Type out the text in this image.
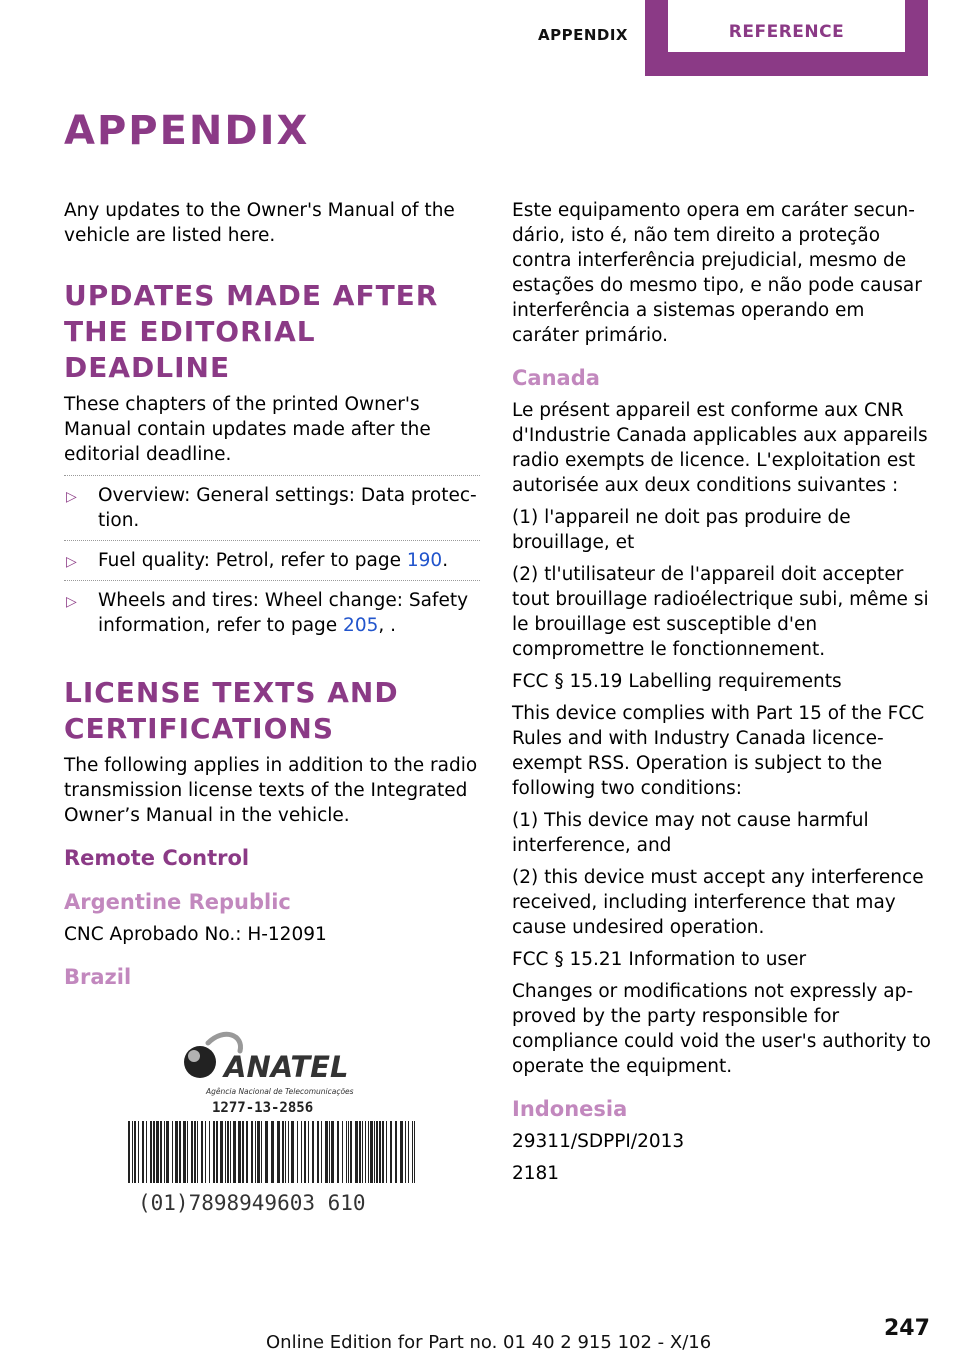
APPENDIX	REFERENCE
APPENDIX

Any updates to the Owner's Manual of the vehicle are listed here.

UPDATES MADE AFTER THE EDITORIAL DEADLINE

These chapters of the printed Owner's Manual contain updates made after the editorial deadline.

▷ Overview: General settings: Data protection.
▷ Fuel quality: Petrol, refer to page 190.
▷ Wheels and tires: Wheel change: Safety information, refer to page 205, .
LICENSE TEXTS AND CERTIFICATIONS

The following applies in addition to the radio transmission license texts of the Integrated Owner’s Manual in the vehicle.

Remote Control
Argentine Republic

CNC Aprobado No.: H-12091

Brazil
ANATEL
Agência Nacional de Telecomunicações
1277-13-2856
(01)7898949603 610

Este equipamento opera em caráter secundário, isto é, não tem direito a proteção contra interferência prejudicial, mesmo de estações do mesmo tipo, e não pode causar interferência a sistemas operando em caráter primário.

Canada

Le présent appareil est conforme aux CNR d'Industrie Canada applicables aux appareils radio exempts de licence. L'exploitation est autorisée aux deux conditions suivantes :

(1) l'appareil ne doit pas produire de brouillage, et

(2) tl'utilisateur de l'appareil doit accepter tout brouillage radioélectrique subi, même si le brouillage est susceptible d'en compromettre le fonctionnement.

FCC § 15.19 Labelling requirements

This device complies with Part 15 of the FCC Rules and with Industry Canada licence-exempt RSS. Operation is subject to the following two conditions:

(1) This device may not cause harmful interference, and

(2) this device must accept any interference received, including interference that may cause undesired operation.

FCC § 15.21 Information to user

Changes or modifications not expressly approved by the party responsible for compliance could void the user's authority to operate the equipment.

Indonesia

29311/SDPPI/2013

2181

Online Edition for Part no. 01 40 2 915 102 - X/16
247
